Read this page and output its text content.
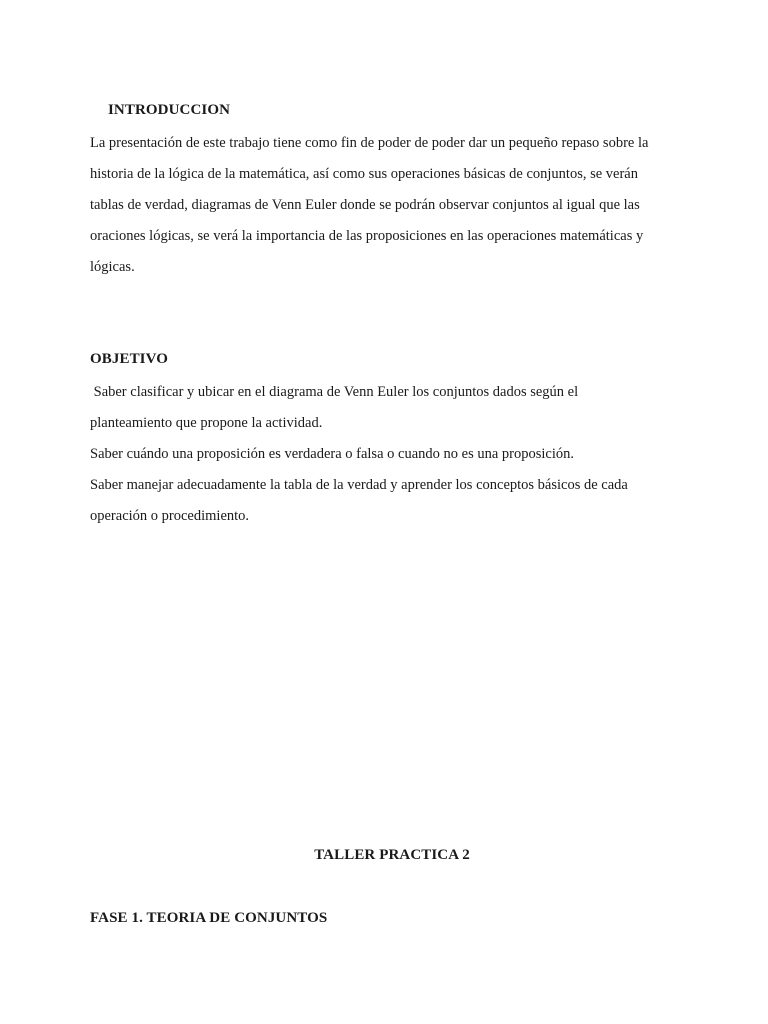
INTRODUCCION

La presentación de este trabajo tiene como fin de poder de poder dar un pequeño repaso sobre la
historia de la lógica de la matemática, así como sus operaciones básicas de conjuntos, se verán
tablas de verdad, diagramas de Venn Euler donde se podrán observar conjuntos al igual que las
oraciones lógicas, se verá la importancia de las proposiciones en las operaciones matemáticas y
lógicas.

OBJETIVO

Saber clasificar y ubicar en el diagrama de Venn Euler los conjuntos dados según el
planteamiento que propone la actividad.
Saber cuándo una proposición es verdadera o falsa o cuando no es una proposición.
Saber manejar adecuadamente la tabla de la verdad y aprender los conceptos básicos de cada
operación o procedimiento.

TALLER PRACTICA 2
FASE 1. TEORIA DE CONJUNTOS
